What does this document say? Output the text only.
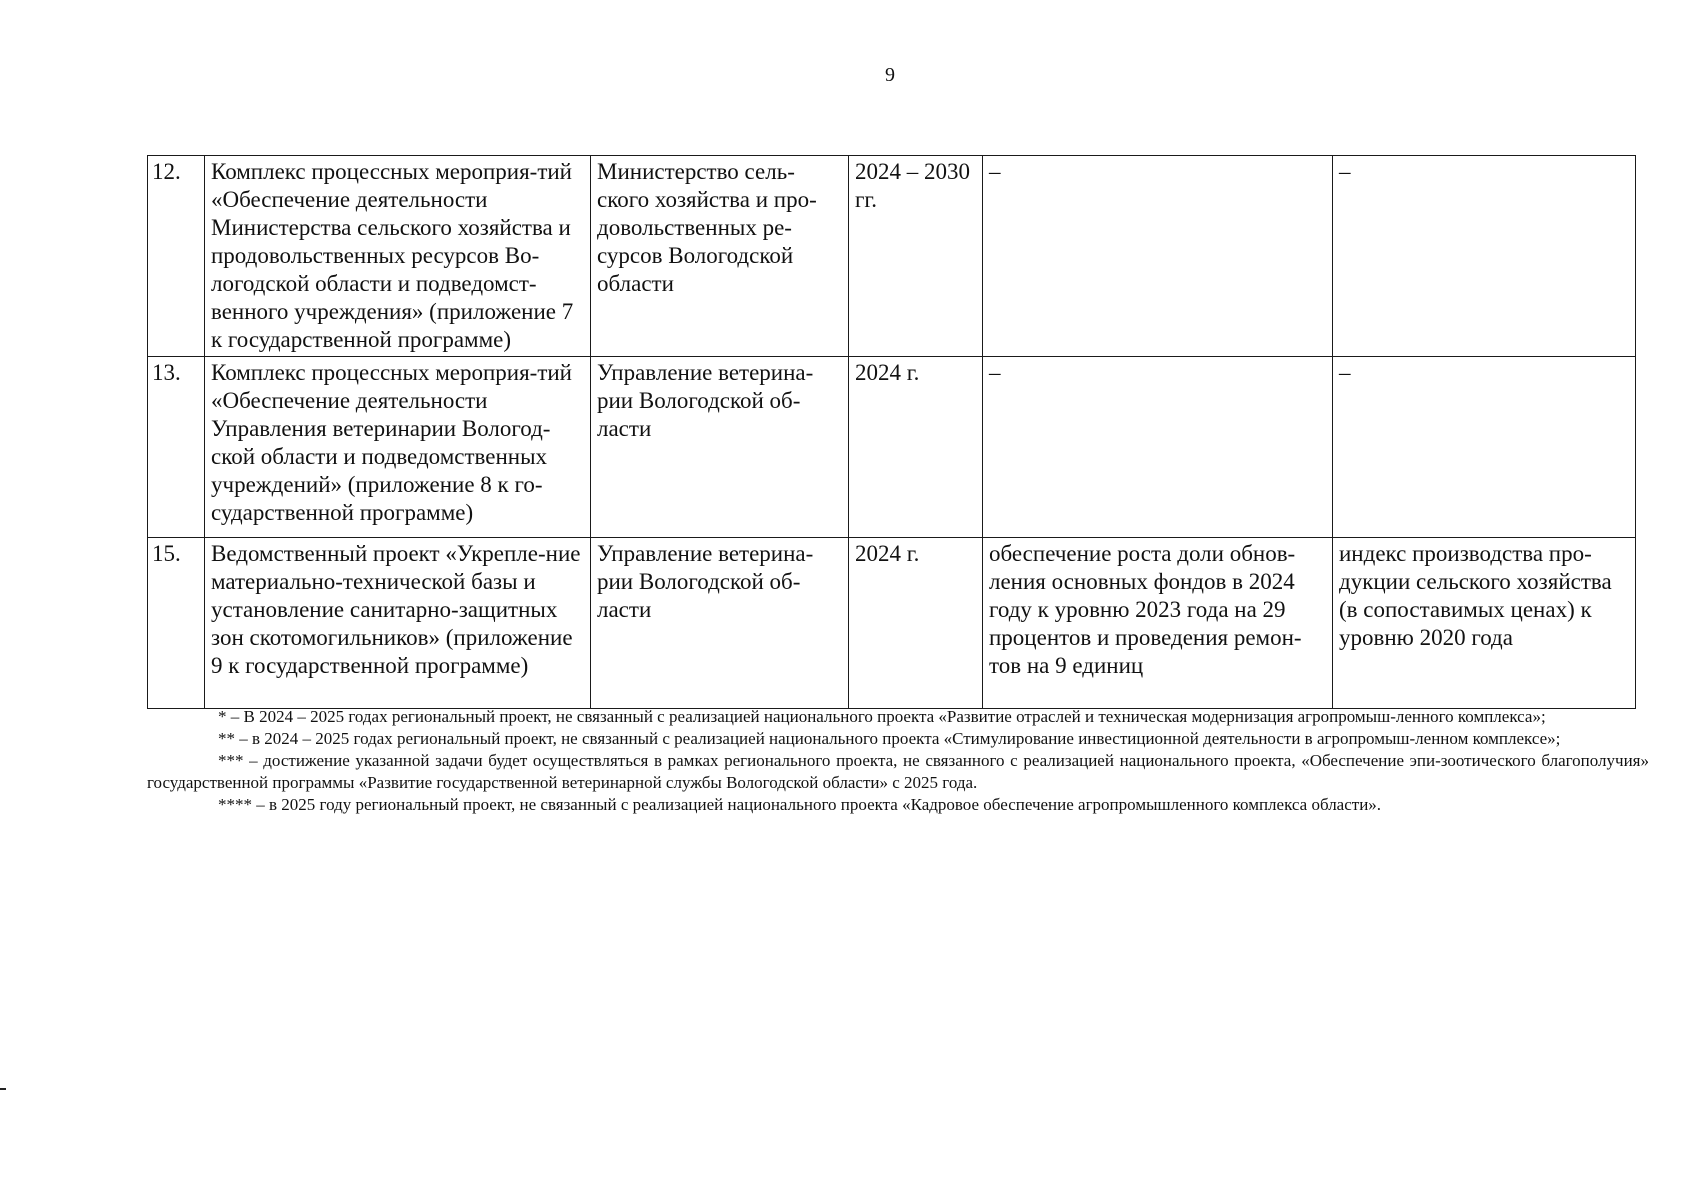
9
12.	Комплекс процессных мероприя-тий «Обеспечение деятельности Министерства сельского хозяйства и продовольственных ресурсов Во-логодской области и подведомст-венного учреждения» (приложение 7 к государственной программе)	Министерство сель-ского хозяйства и про-довольственных ре-сурсов Вологодской области	2024 – 2030 гг.	–	–
13.	Комплекс процессных мероприя-тий «Обеспечение деятельности Управления ветеринарии Вологод-ской области и подведомственных учреждений» (приложение 8 к го-сударственной программе)	Управление ветерина-рии Вологодской об-ласти	2024 г.	–	–
15.	Ведомственный проект «Укрепле-ние материально-технической базы и установление санитарно-защитных зон скотомогильников» (приложение 9 к государственной программе)	Управление ветерина-рии Вологодской об-ласти	2024 г.	обеспечение роста доли обнов-ления основных фондов в 2024 году к уровню 2023 года на 29 процентов и проведения ремон-тов на 9 единиц	индекс производства про-дукции сельского хозяйства (в сопоставимых ценах) к уровню 2020 года

* – В 2024 – 2025 годах региональный проект, не связанный с реализацией национального проекта «Развитие отраслей и техническая модернизация агропромыш-ленного комплекса»;

** – в 2024 – 2025 годах региональный проект, не связанный с реализацией национального проекта «Стимулирование инвестиционной деятельности в агропромыш-ленном комплексе»;

*** – достижение указанной задачи будет осуществляться в рамках регионального проекта, не связанного с реализацией национального проекта, «Обеспечение эпи-зоотического благополучия» государственной программы «Развитие государственной ветеринарной службы Вологодской области» с 2025 года.

**** – в 2025 году региональный проект, не связанный с реализацией национального проекта «Кадровое обеспечение агропромышленного комплекса области».
